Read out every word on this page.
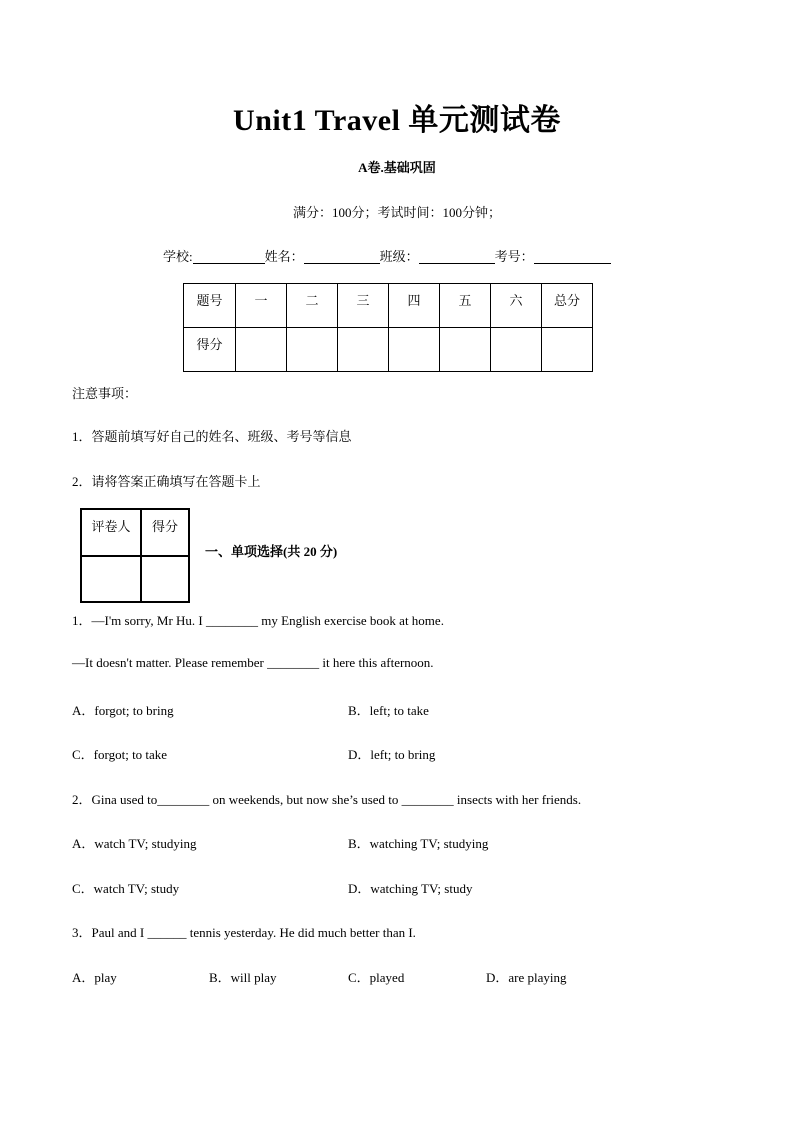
Unit1 Travel 单元测试卷
A卷.基础巩固
满分：100分；考试时间：100分钟；
学校:	姓名：	班级：	考号：
题号	一	二	三	四	五	六	总分
得分							
注意事项：
1．答题前填写好自己的姓名、班级、考号等信息
2．请将答案正确填写在答题卡上
评卷人	得分

一、单项选择(共 20 分)
1．—I'm sorry, Mr Hu. I ________ my English exercise book at home.
—It doesn't matter. Please remember ________ it here this afternoon.
A．forgot; to bring	B．left; to take
C．forgot; to take	D．left; to bring
2．Gina used to________ on weekends, but now she’s used to ________ insects with her friends.
A．watch TV; studying	B．watching TV; studying
C．watch TV; study	D．watching TV; study
3．Paul and I ______ tennis yesterday. He did much better than I.
A．play	B．will play	C．played	D．are playing
